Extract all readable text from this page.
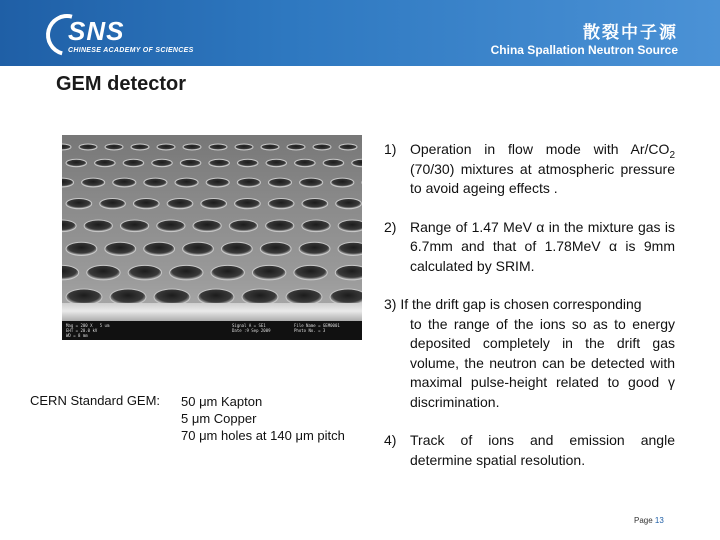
SNS
CHINESE ACADEMY OF SCIENCES
散裂中子源
China Spallation Neutron Source
GEM detector
Mag = 200 X   5 um
EHT = 20.0 kV
WD = 8 mm
Signal A = SE1
Date :9 Sep 2009
File Name = GEM0001
Photo No. = 3
CERN Standard GEM: 50 μm Kapton
5 μm Copper
70 μm holes at 140 μm pitch
1) Operation in flow mode with $Ar/CO_2$ (70/30) mixtures at atmospheric pressure to avoid ageing effects .
2) Range of 1.47 MeV α in the mixture gas is 6.7mm and that of 1.78MeV α is 9mm calculated by SRIM.
3) If the drift gap is chosen corresponding
to the range of the ions so as to energy deposited completely in the drift gas volume, the neutron can be detected with maximal pulse-height related to good γ discrimination.
4) Track of ions and emission angle determine spatial resolution.
Page 13
